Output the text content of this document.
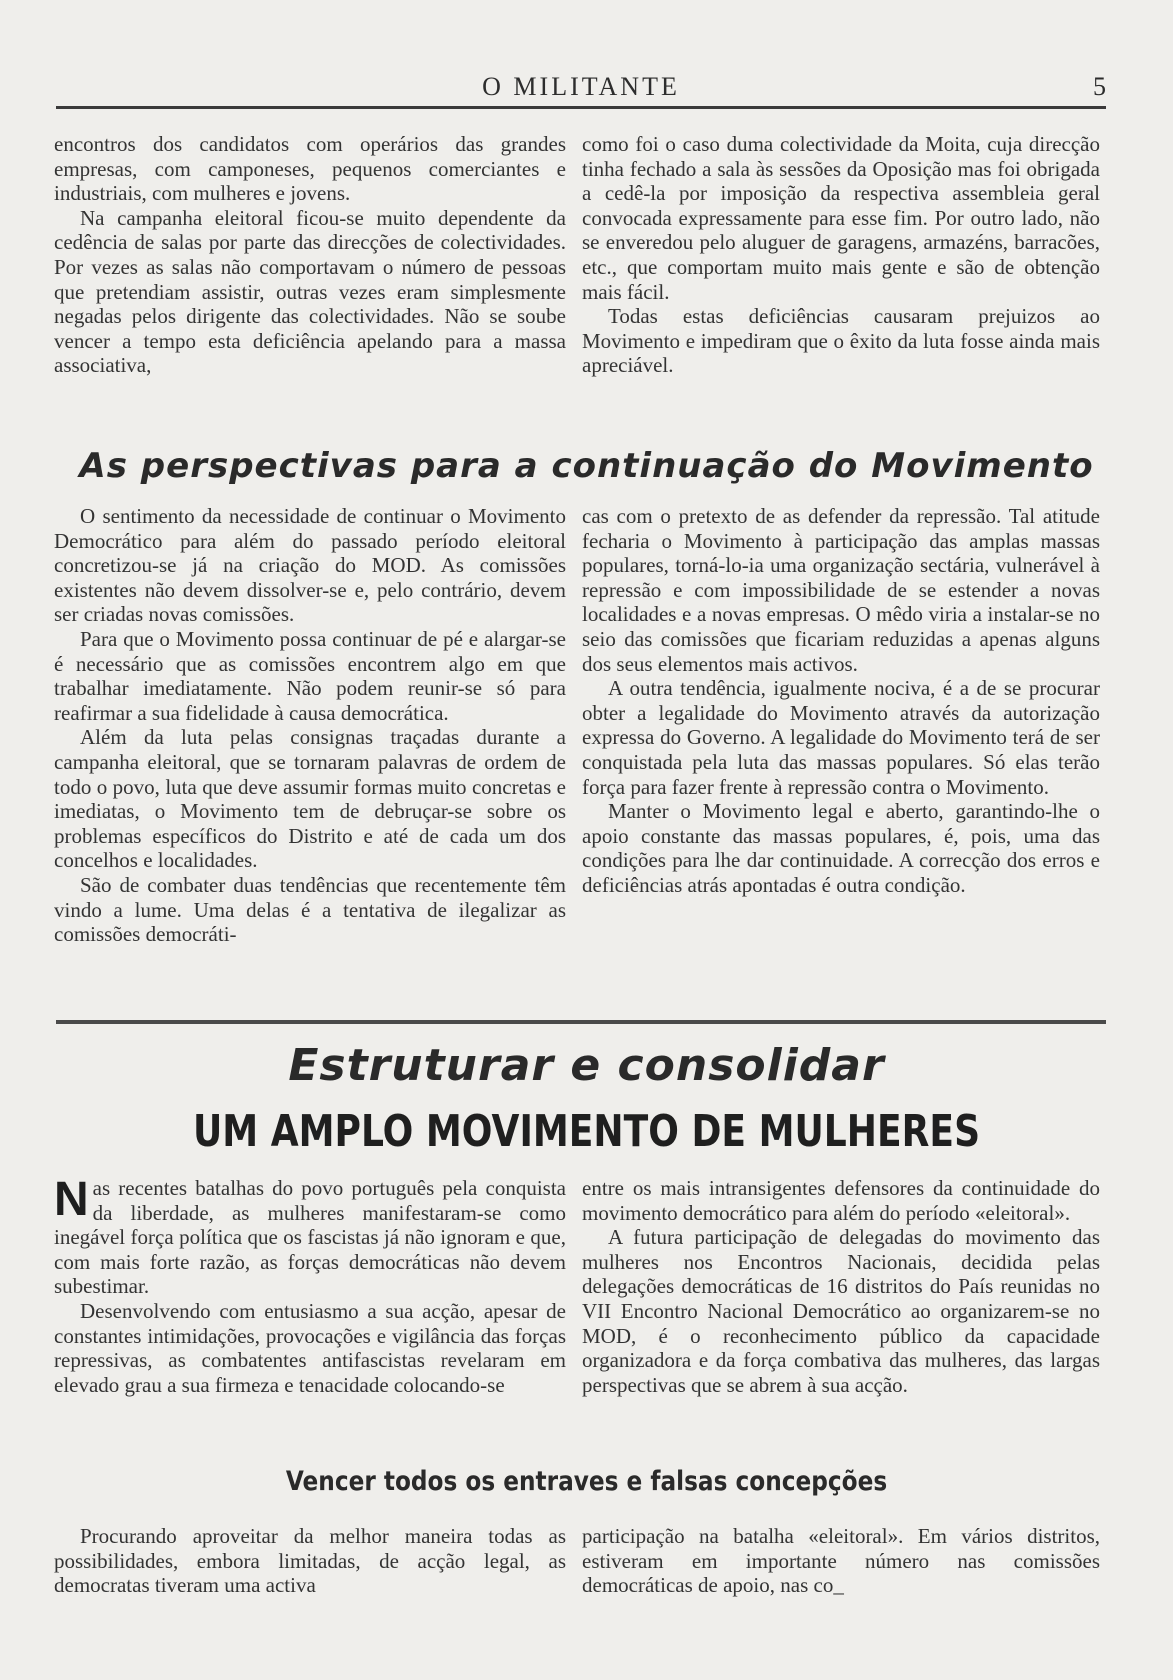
O MILITANTE	5

encontros dos candidatos com operários das grandes empresas, com camponeses, pequenos comerciantes e industriais, com mulheres e jovens.

Na campanha eleitoral ficou-se muito dependente da cedência de salas por parte das direcções de colectividades. Por vezes as salas não comportavam o número de pessoas que pretendiam assistir, outras vezes eram simplesmente negadas pelos dirigente das colectividades. Não se soube vencer a tempo esta deficiência apelando para a massa associativa,

como foi o caso duma colectividade da Moita, cuja direcção tinha fechado a sala às sessões da Oposição mas foi obrigada a cedê-la por imposição da respectiva assembleia geral convocada expressamente para esse fim. Por outro lado, não se enveredou pelo aluguer de garagens, armazéns, barracões, etc., que comportam muito mais gente e são de obtenção mais fácil.

Todas estas deficiências causaram prejuizos ao Movimento e impediram que o êxito da luta fosse ainda mais apreciável.

As perspectivas para a continuação do Movimento

O sentimento da necessidade de continuar o Movimento Democrático para além do passado período eleitoral concretizou-se já na criação do MOD. As comissões existentes não devem dissolver-se e, pelo contrário, devem ser criadas novas comissões.

Para que o Movimento possa continuar de pé e alargar-se é necessário que as comissões encontrem algo em que trabalhar imediatamente. Não podem reunir-se só para reafirmar a sua fidelidade à causa democrática.

Além da luta pelas consignas traçadas durante a campanha eleitoral, que se tornaram palavras de ordem de todo o povo, luta que deve assumir formas muito concretas e imediatas, o Movimento tem de debruçar-se sobre os problemas específicos do Distrito e até de cada um dos concelhos e localidades.

São de combater duas tendências que recentemente têm vindo a lume. Uma delas é a tentativa de ilegalizar as comissões democráti-

cas com o pretexto de as defender da repressão. Tal atitude fecharia o Movimento à participação das amplas massas populares, torná-lo-ia uma organização sectária, vulnerável à repressão e com impossibilidade de se estender a novas localidades e a novas empresas. O mêdo viria a instalar-se no seio das comissões que ficariam reduzidas a apenas alguns dos seus elementos mais activos.

A outra tendência, igualmente nociva, é a de se procurar obter a legalidade do Movimento através da autorização expressa do Governo. A legalidade do Movimento terá de ser conquistada pela luta das massas populares. Só elas terão força para fazer frente à repressão contra o Movimento.

Manter o Movimento legal e aberto, garantindo-lhe o apoio constante das massas populares, é, pois, uma das condições para lhe dar continuidade. A correcção dos erros e deficiências atrás apontadas é outra condição.

Estruturar e consolidar
UM AMPLO MOVIMENTO DE MULHERES

Nas recentes batalhas do povo português pela conquista da liberdade, as mulheres manifestaram-se como inegável força política que os fascistas já não ignoram e que, com mais forte razão, as forças democráticas não devem subestimar.

Desenvolvendo com entusiasmo a sua acção, apesar de constantes intimidações, provocações e vigilância das forças repressivas, as combatentes antifascistas revelaram em elevado grau a sua firmeza e tenacidade colocando-se

entre os mais intransigentes defensores da continuidade do movimento democrático para além do período «eleitoral».

A futura participação de delegadas do movimento das mulheres nos Encontros Nacionais, decidida pelas delegações democráticas de 16 distritos do País reunidas no VII Encontro Nacional Democrático ao organizarem-se no MOD, é o reconhecimento público da capacidade organizadora e da força combativa das mulheres, das largas perspectivas que se abrem à sua acção.

Vencer todos os entraves e falsas concepções

Procurando aproveitar da melhor maneira todas as possibilidades, embora limitadas, de acção legal, as democratas tiveram uma activa

participação na batalha «eleitoral». Em vários distritos, estiveram em importante número nas comissões democráticas de apoio, nas co_
